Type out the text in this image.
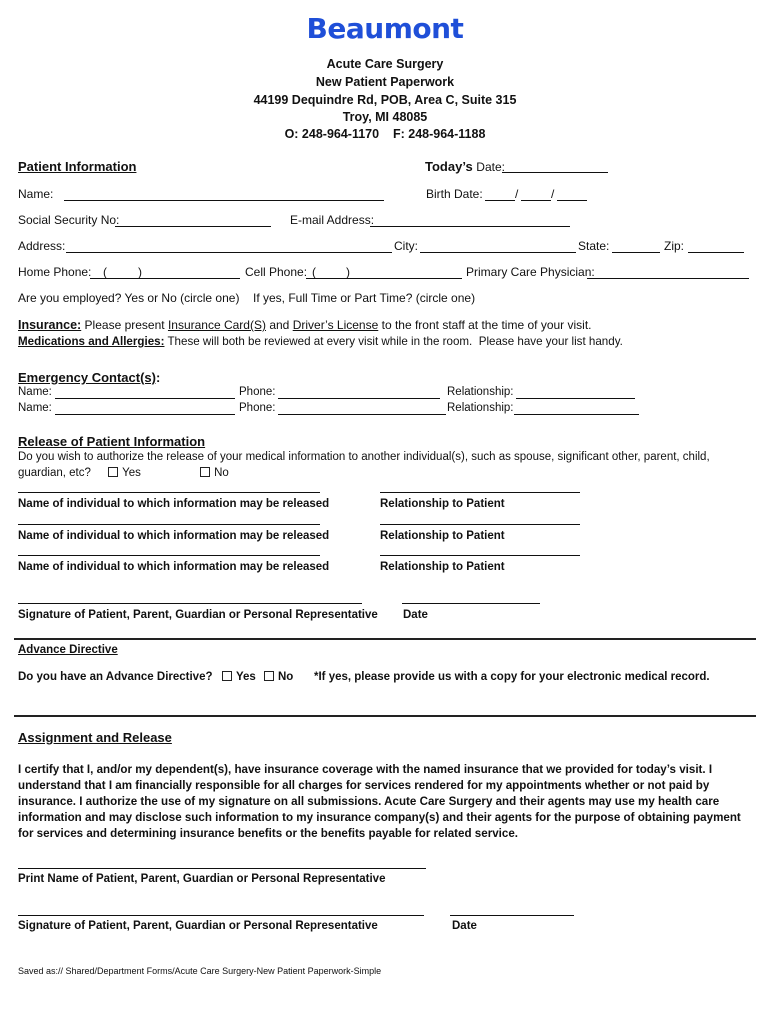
Beaumont
Acute Care Surgery
New Patient Paperwork
44199 Dequindre Rd, POB, Area C, Suite 315
Troy, MI 48085
O: 248-964-1170    F: 248-964-1188
Patient Information	Today’s Date:
Name:	Birth Date: /	/
Social Security No:	E-mail Address:
Address:	City:	State:	Zip:
Home Phone: (	)	Cell Phone: (	)	Primary Care Physician:
Are you employed? Yes or No (circle one) If yes, Full Time or Part Time? (circle one)
Insurance: Please present Insurance Card(S) and Driver’s License to the front staff at the time of your visit.
Medications and Allergies: These will both be reviewed at every visit while in the room.  Please have your list handy.
Emergency Contact(s):
Name:	Phone:	Relationship:
Name:	Phone:	Relationship:
Release of Patient Information
Do you wish to authorize the release of your medical information to another individual(s), such as spouse, significant other, parent, child,
guardian, etc?	Yes	No
Name of individual to which information may be released	Relationship to Patient
Name of individual to which information may be released	Relationship to Patient
Name of individual to which information may be released	Relationship to Patient
Signature of Patient, Parent, Guardian or Personal Representative Date
Advance Directive
Do you have an Advance Directive?	Yes	No *If yes, please provide us with a copy for your electronic medical record.
Assignment and Release
I certify that I, and/or my dependent(s), have insurance coverage with the named insurance that we provided for today’s visit. I understand that I am financially responsible for all charges for services rendered for my appointments whether or not paid by insurance. I authorize the use of my signature on all submissions. Acute Care Surgery and their agents may use my health care information and may disclose such information to my insurance company(s) and their agents for the purpose of obtaining payment for services and determining insurance benefits or the benefits payable for related service.
Print Name of Patient, Parent, Guardian or Personal Representative
Signature of Patient, Parent, Guardian or Personal Representative	Date
Saved as:// Shared/Department Forms/Acute Care Surgery-New Patient Paperwork-Simple
